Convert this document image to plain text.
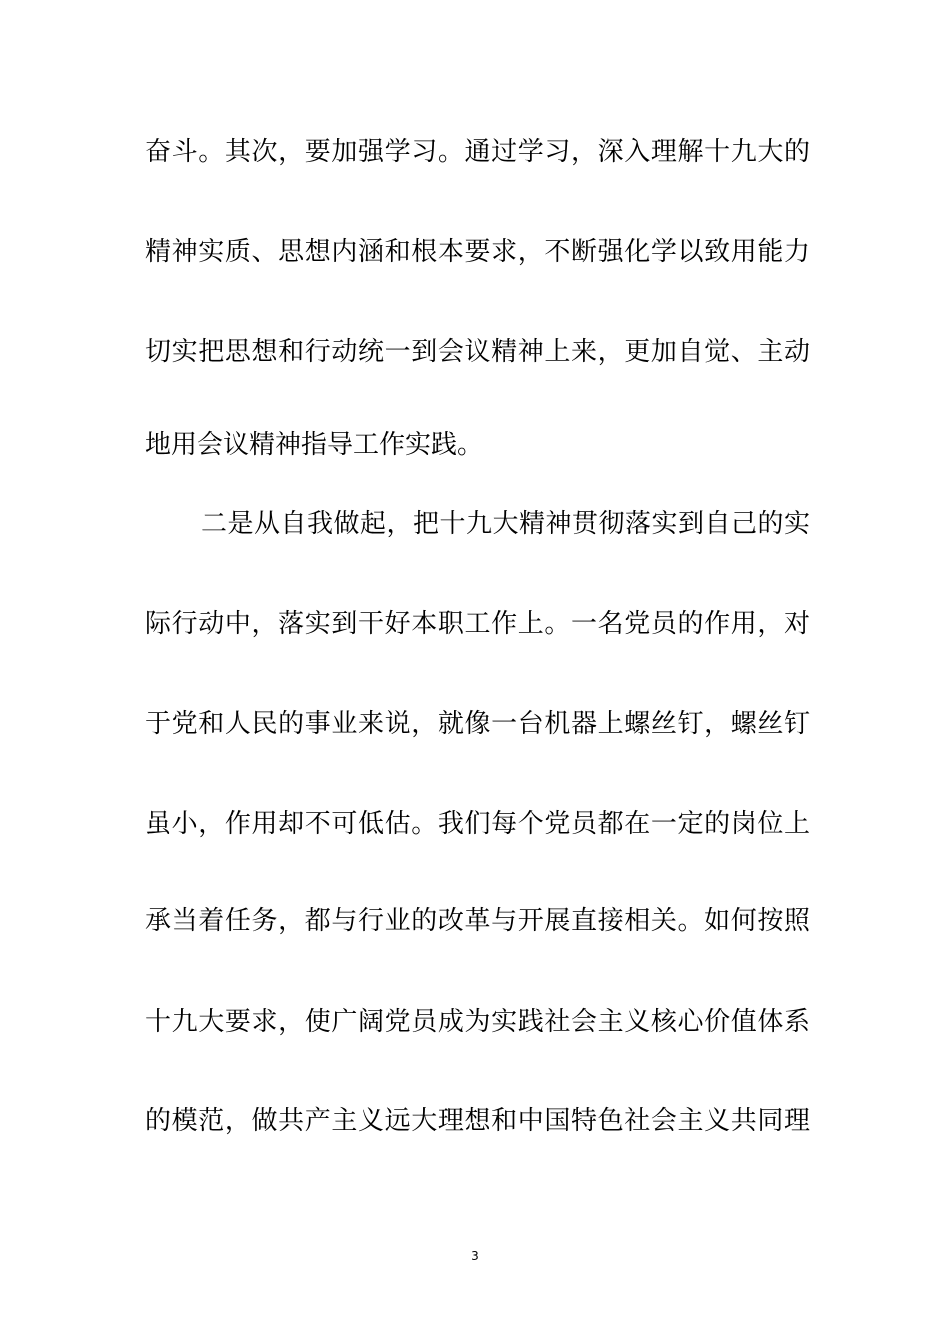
奋斗。其次，要加强学习。通过学习，深入理解十九大的
精神实质、思想内涵和根本要求，不断强化学以致用能力
切实把思想和行动统一到会议精神上来，更加自觉、主动
地用会议精神指导工作实践。
二是从自我做起，把十九大精神贯彻落实到自己的实
际行动中，落实到干好本职工作上。一名党员的作用，对
于党和人民的事业来说，就像一台机器上螺丝钉，螺丝钉
虽小，作用却不可低估。我们每个党员都在一定的岗位上
承当着任务，都与行业的改革与开展直接相关。如何按照
十九大要求，使广阔党员成为实践社会主义核心价值体系
的模范，做共产主义远大理想和中国特色社会主义共同理
3
